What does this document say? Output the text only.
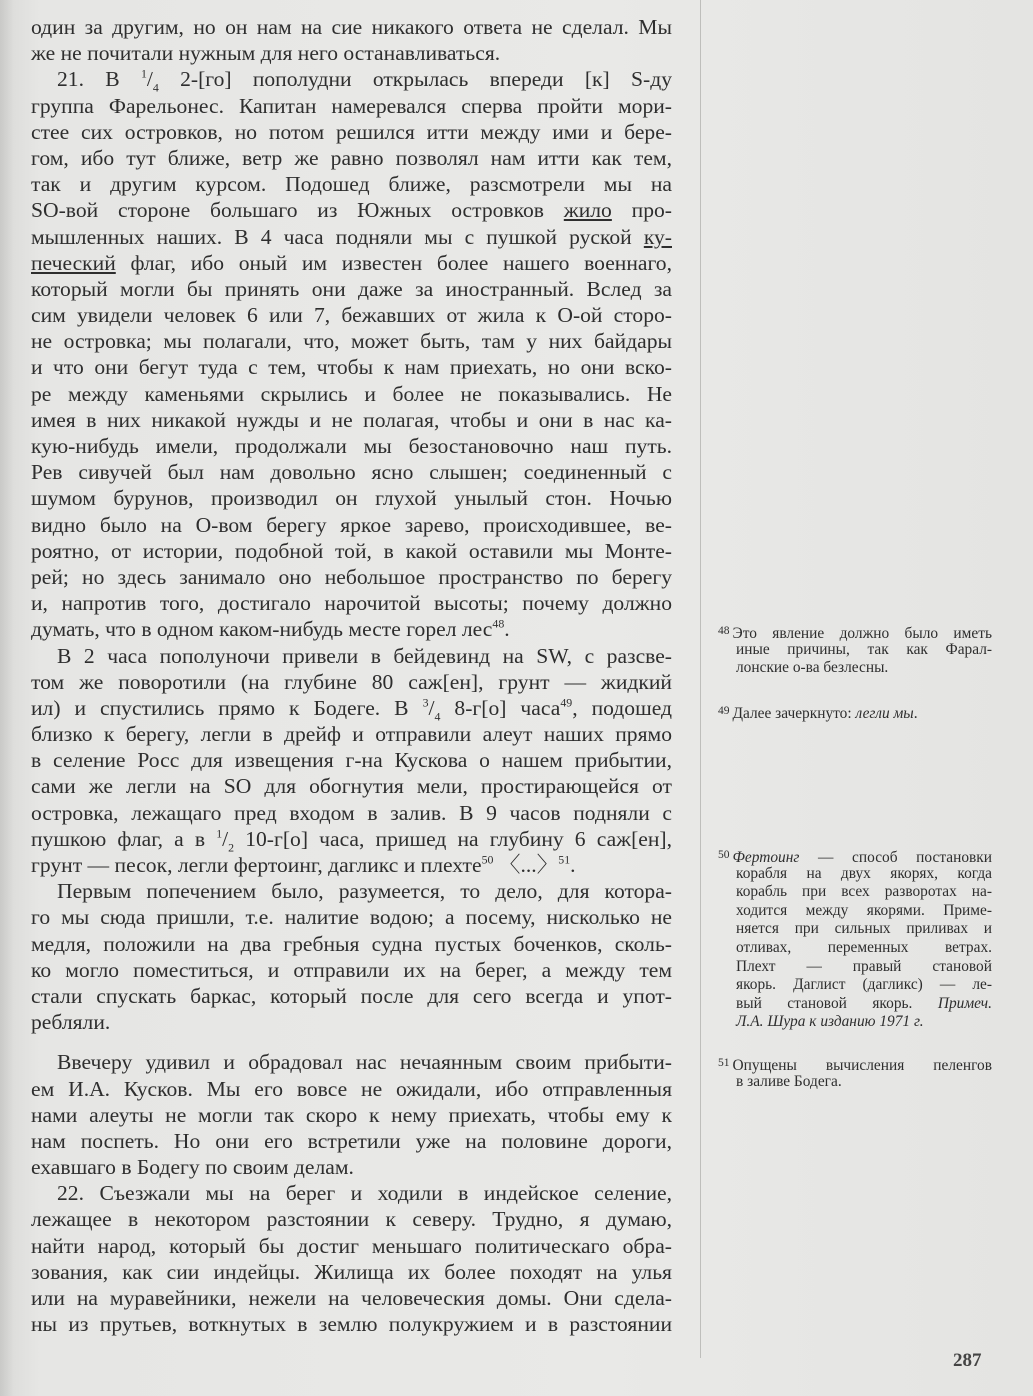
один за другим, но он нам на сие никакого ответа не сделал. Мы
же не почитали нужным для него останавливаться.
21. В $^1/_4$ 2-[го] пополудни открылась впереди [к] S-ду
группа Фарельонес. Капитан намеревался сперва пройти мори-
стее сих островков, но потом решился итти между ими и бере-
гом, ибо тут ближе, ветр же равно позволял нам итти как тем,
так и другим курсом. Подошед ближе, разсмотрели мы на
SO-вой стороне большаго из Южных островков жило про-
мышленных наших. В 4 часа подняли мы с пушкой руской ку-
печеский флаг, ибо оный им известен более нашего военнаго,
который могли бы принять они даже за иностранный. Вслед за
сим увидели человек 6 или 7, бежавших от жила к О-ой сторо-
не островка; мы полагали, что, может быть, там у них байдары
и что они бегут туда с тем, чтобы к нам приехать, но они вско-
ре между каменьями скрылись и более не показывались. Не
имея в них никакой нужды и не полагая, чтобы и они в нас ка-
кую-нибудь имели, продолжали мы безостановочно наш путь.
Рев сивучей был нам довольно ясно слышен; соединенный с
шумом бурунов, производил он глухой унылый стон. Ночью
видно было на О-вом берегу яркое зарево, происходившее, ве-
роятно, от истории, подобной той, в какой оставили мы Монте-
рей; но здесь занимало оно небольшое пространство по берегу
и, напротив того, достигало нарочитой высоты; почему должно
думать, что в одном каком-нибудь месте горел лес$^{48}$.
В 2 часа пополуночи привели в бейдевинд на SW, с разсве-
том же поворотили (на глубине 80 саж[ен], грунт — жидкий
ил) и спустились прямо к Бодеге. В $^3/_4$ 8-г[о] часа$^{49}$, подошед
близко к берегу, легли в дрейф и отправили алеут наших прямо
в селение Росс для извещения г-на Кускова о нашем прибытии,
сами же легли на SO для обогнутия мели, простирающейся от
островка, лежащаго пред входом в залив. В 9 часов подняли с
пушкою флаг, а в $^1/_2$ 10-г[о] часа, пришед на глубину 6 саж[ен],
грунт — песок, легли фертоинг, дагликс и плехте$^{50}$ 〈...〉$^{51}$.
Первым попечением было, разумеется, то дело, для котора-
го мы сюда пришли, т.е. налитие водою; а посему, нисколько не
медля, положили на два гребныя судна пустых боченков, сколь-
ко могло поместиться, и отправили их на берег, а между тем
стали спускать баркас, который после для сего всегда и упот-
ребляли.
Ввечеру удивил и обрадовал нас нечаянным своим прибыти-
ем И.А. Кусков. Мы его вовсе не ожидали, ибо отправленныя
нами алеуты не могли так скоро к нему приехать, чтобы ему к
нам поспеть. Но они его встретили уже на половине дороги,
ехавшаго в Бодегу по своим делам.
22. Съезжали мы на берег и ходили в индейское селение,
лежащее в некотором разстоянии к северу. Трудно, я думаю,
найти народ, который бы достиг меньшаго политическаго обра-
зования, как сии индейцы. Жилища их более походят на улья
или на муравейники, нежели на человеческия домы. Они сдела-
ны из прутьев, воткнутых в землю полукружием и в разстоянии
$^{48}$ Это явление должно было иметь
иные причины, так как Фарал-
лонские о-ва безлесны.
$^{49}$ Далее зачеркнуто: легли мы.
$^{50}$ Фертоинг — способ постановки
корабля на двух якорях, когда
корабль при всех разворотах на-
ходится между якорями. Приме-
няется при сильных приливах и
отливах, переменных ветрах.
Плехт — правый становой
якорь. Даглист (дагликс) — ле-
вый становой якорь. Примеч.
Л.А. Шура к изданию 1971 г.
$^{51}$ Опущены вычисления пеленгов
в заливе Бодега.
287
